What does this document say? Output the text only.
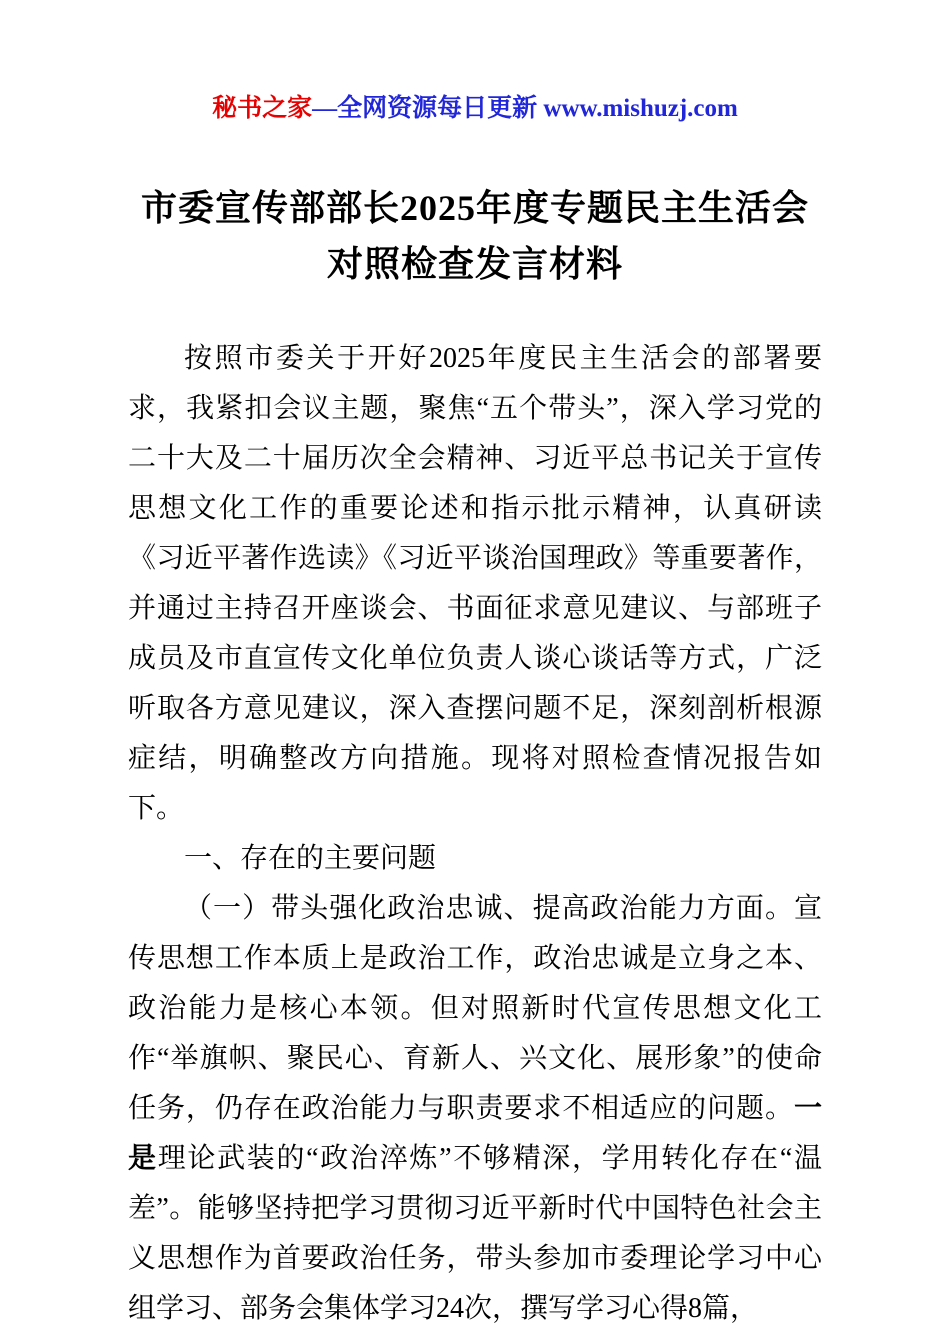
秘书之家—全网资源每日更新 www.mishuzj.com
市委宣传部部长2025年度专题民主生活会
对照检查发言材料

按照市委关于开好2025年度民主生活会的部署要求，我紧扣会议主题，聚焦“五个带头”，深入学习党的二十大及二十届历次全会精神、习近平总书记关于宣传思想文化工作的重要论述和指示批示精神，认真研读《习近平著作选读》《习近平谈治国理政》等重要著作，并通过主持召开座谈会、书面征求意见建议、与部班子成员及市直宣传文化单位负责人谈心谈话等方式，广泛听取各方意见建议，深入查摆问题不足，深刻剖析根源症结，明确整改方向措施。现将对照检查情况报告如下。

一、存在的主要问题

（一）带头强化政治忠诚、提高政治能力方面。宣传思想工作本质上是政治工作，政治忠诚是立身之本、政治能力是核心本领。但对照新时代宣传思想文化工作“举旗帜、聚民心、育新人、兴文化、展形象”的使命任务，仍存在政治能力与职责要求不相适应的问题。一是理论武装的“政治淬炼”不够精深，学用转化存在“温差”。能够坚持把学习贯彻习近平新时代中国特色社会主义思想作为首要政治任务，带头参加市委理论学习中心组学习、部务会集体学习24次，撰写学习心得8篇，
